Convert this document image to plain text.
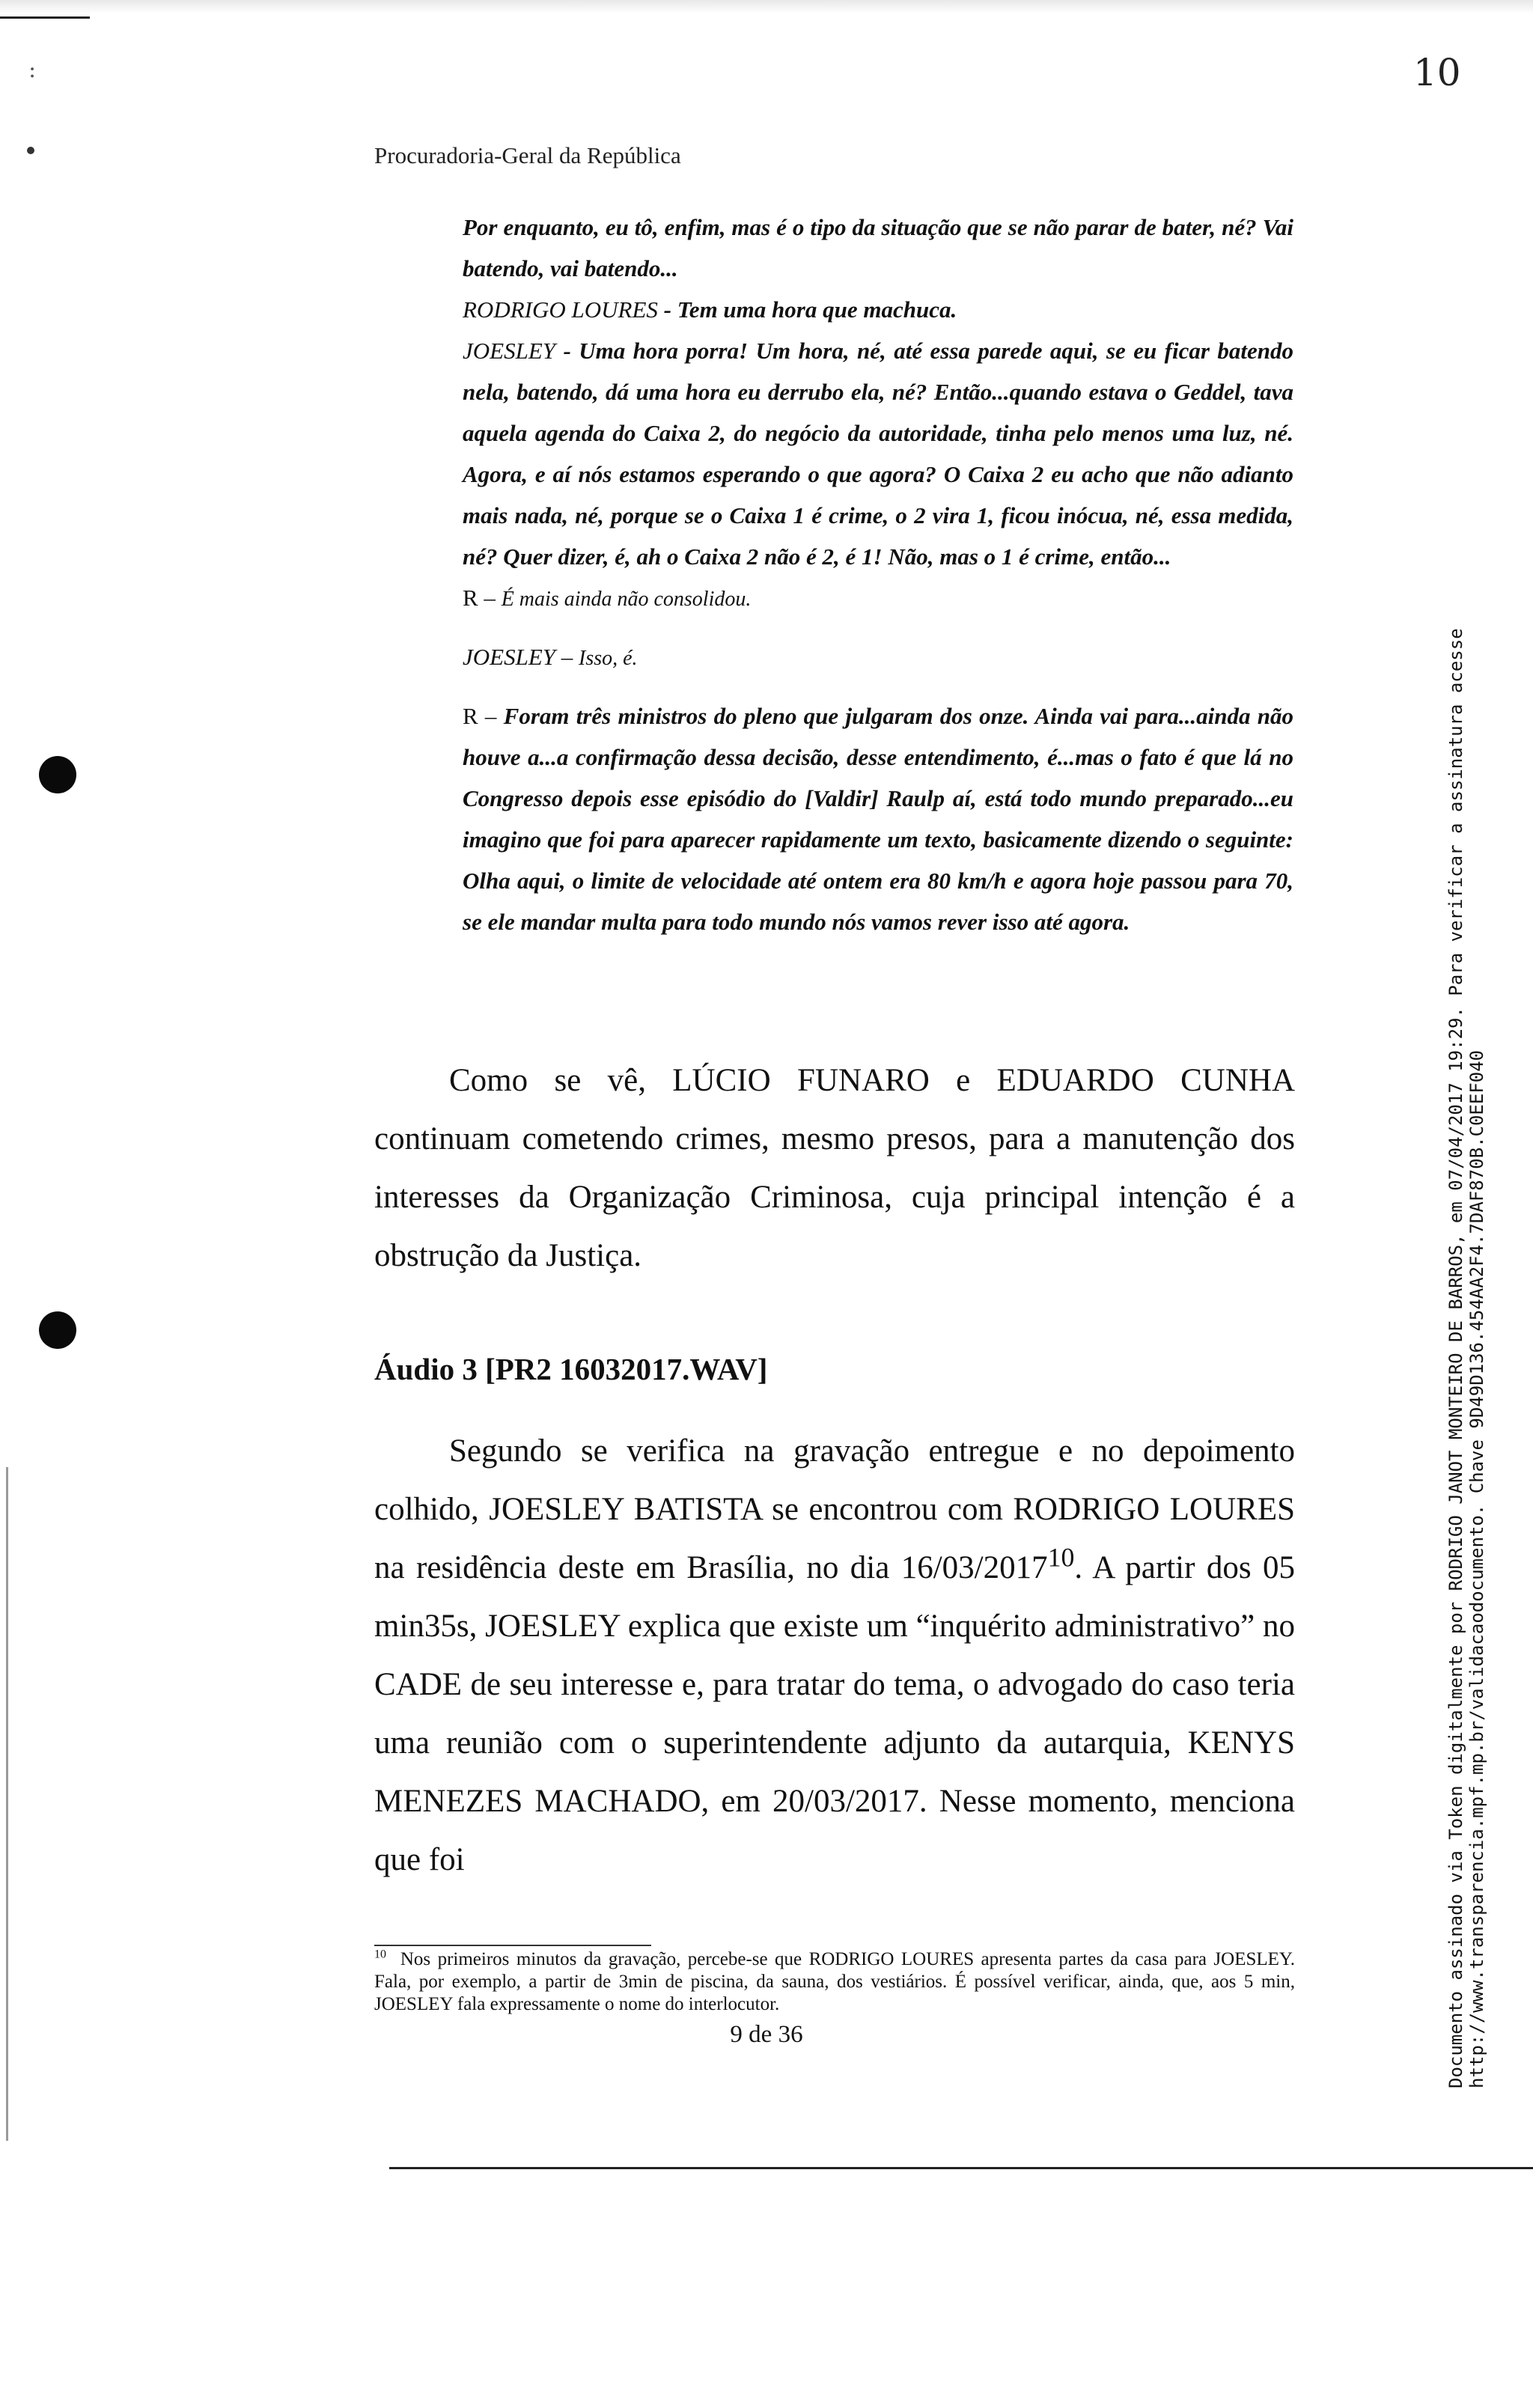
:	10
Procuradoria-Geral da República

Por enquanto, eu tô, enfim, mas é o tipo da situação que se não parar de bater, né? Vai batendo, vai batendo...

RODRIGO LOURES - Tem uma hora que machuca.

JOESLEY - Uma hora porra! Um hora, né, até essa parede aqui, se eu ficar batendo nela, batendo, dá uma hora eu derrubo ela, né? Então...quando estava o Geddel, tava aquela agenda do Caixa 2, do negócio da autoridade, tinha pelo menos uma luz, né. Agora, e aí nós estamos esperando o que agora? O Caixa 2 eu acho que não adianto mais nada, né, porque se o Caixa 1 é crime, o 2 vira 1, ficou inócua, né, essa medida, né? Quer dizer, é, ah o Caixa 2 não é 2, é 1! Não, mas o 1 é crime, então...

R – É mais ainda não consolidou.

JOESLEY – Isso, é.

R – Foram três ministros do pleno que julgaram dos onze. Ainda vai para...ainda não houve a...a confirmação dessa decisão, desse entendimento, é...mas o fato é que lá no Congresso depois esse episódio do [Valdir] Raulp aí, está todo mundo preparado...eu imagino que foi para aparecer rapidamente um texto, basicamente dizendo o seguinte: Olha aqui, o limite de velocidade até ontem era 80 km/h e agora hoje passou para 70, se ele mandar multa para todo mundo nós vamos rever isso até agora.

Como se vê, LÚCIO FUNARO e EDUARDO CUNHA continuam cometendo crimes, mesmo presos, para a manutenção dos interesses da Organização Criminosa, cuja principal intenção é a obstrução da Justiça.

Áudio 3 [PR2 16032017.WAV]

Segundo se verifica na gravação entregue e no depoimento colhido, JOESLEY BATISTA se encontrou com RODRIGO LOURES na residência deste em Brasília, no dia 16/03/2017$^{10}$. A partir dos 05 min35s, JOESLEY explica que existe um “inquérito administrativo” no CADE de seu interesse e, para tratar do tema, o advogado do caso teria uma reunião com o superintendente adjunto da autarquia, KENYS MENEZES MACHADO, em 20/03/2017. Nesse momento, menciona que foi

$^{10}$ Nos primeiros minutos da gravação, percebe-se que RODRIGO LOURES apresenta partes da casa para JOESLEY. Fala, por exemplo, a partir de 3min de piscina, da sauna, dos vestiários. É possível verificar, ainda, que, aos 5 min, JOESLEY fala expressamente o nome do interlocutor.
9 de 36	Documento assinado via Token digitalmente por RODRIGO JANOT MONTEIRO DE BARROS, em 07/04/2017 19:29. Para verificar a assinatura acesse http://www.transparencia.mpf.mp.br/validacaodocumento. Chave 9D49D136.454AA2F4.7DAF870B.C0EEF040
